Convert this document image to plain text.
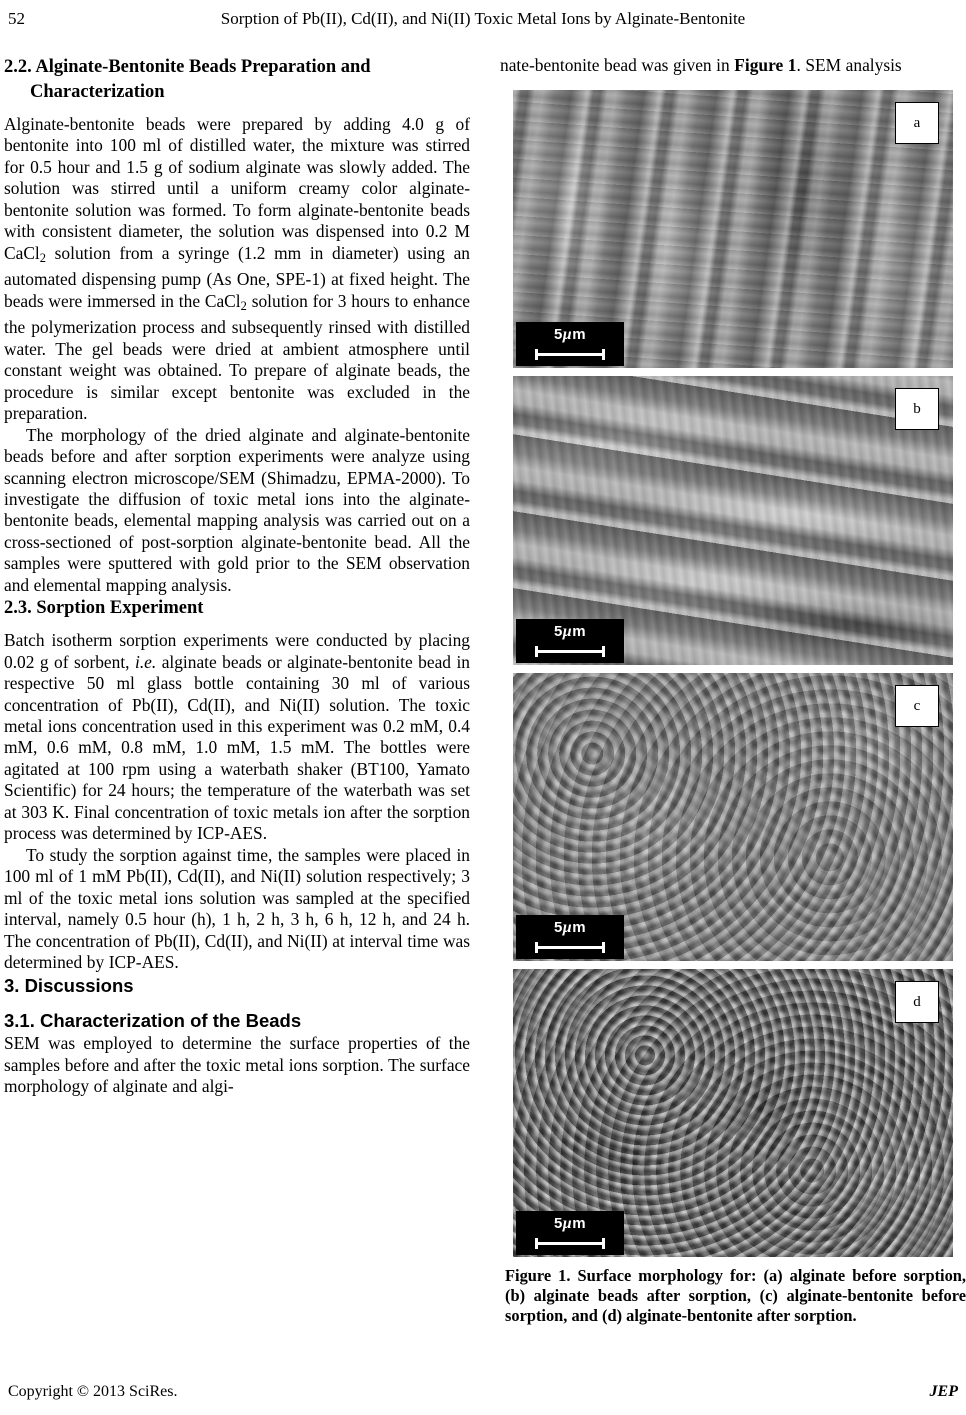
52	Sorption of Pb(II), Cd(II), and Ni(II) Toxic Metal Ions by Alginate-Bentonite
2.2. Alginate-Bentonite Beads Preparation and
Characterization

Alginate-bentonite beads were prepared by adding 4.0 g of bentonite into 100 ml of distilled water, the mixture was stirred for 0.5 hour and 1.5 g of sodium alginate was slowly added. The solution was stirred until a uniform creamy color alginate-bentonite solution was formed. To form alginate-bentonite beads with consistent diameter, the solution was dispensed into 0.2 M CaCl$_2$ solution from a syringe (1.2 mm in diameter) using an automated dispensing pump (As One, SPE-1) at fixed height. The beads were immersed in the CaCl$_2$ solution for 3 hours to enhance the polymerization process and subsequently rinsed with distilled water. The gel beads were dried at ambient atmosphere until constant weight was obtained. To prepare of alginate beads, the procedure is similar except bentonite was excluded in the preparation.

The morphology of the dried alginate and alginate-bentonite beads before and after sorption experiments were analyze using scanning electron microscope/SEM (Shimadzu, EPMA-2000). To investigate the diffusion of toxic metal ions into the alginate-bentonite beads, elemental mapping analysis was carried out on a cross-sectioned of post-sorption alginate-bentonite bead. All the samples were sputtered with gold prior to the SEM observation and elemental mapping analysis.

2.3. Sorption Experiment

Batch isotherm sorption experiments were conducted by placing 0.02 g of sorbent, i.e. alginate beads or alginate-bentonite bead in respective 50 ml glass bottle containing 30 ml of various concentration of Pb(II), Cd(II), and Ni(II) solution. The toxic metal ions concentration used in this experiment was 0.2 mM, 0.4 mM, 0.6 mM, 0.8 mM, 1.0 mM, 1.5 mM. The bottles were agitated at 100 rpm using a waterbath shaker (BT100, Yamato Scientific) for 24 hours; the temperature of the waterbath was set at 303 K. Final concentration of toxic metals ion after the sorption process was determined by ICP-AES.

To study the sorption against time, the samples were placed in 100 ml of 1 mM Pb(II), Cd(II), and Ni(II) solution respectively; 3 ml of the toxic metal ions solution was sampled at the specified interval, namely 0.5 hour (h), 1 h, 2 h, 3 h, 6 h, 12 h, and 24 h. The concentration of Pb(II), Cd(II), and Ni(II) at interval time was determined by ICP-AES.

3. Discussions
3.1. Characterization of the Beads

SEM was employed to determine the surface properties of the samples before and after the toxic metal ions sorption. The surface morphology of alginate and algi-

nate-bentonite bead was given in Figure 1. SEM analysis

a
5μm
b
5μm
c
5μm
d
5μm
Figure 1. Surface morphology for: (a) alginate before sorption, (b) alginate beads after sorption, (c) alginate-bentonite before sorption, and (d) alginate-bentonite after sorption.
Copyright © 2013 SciRes.	JEP
